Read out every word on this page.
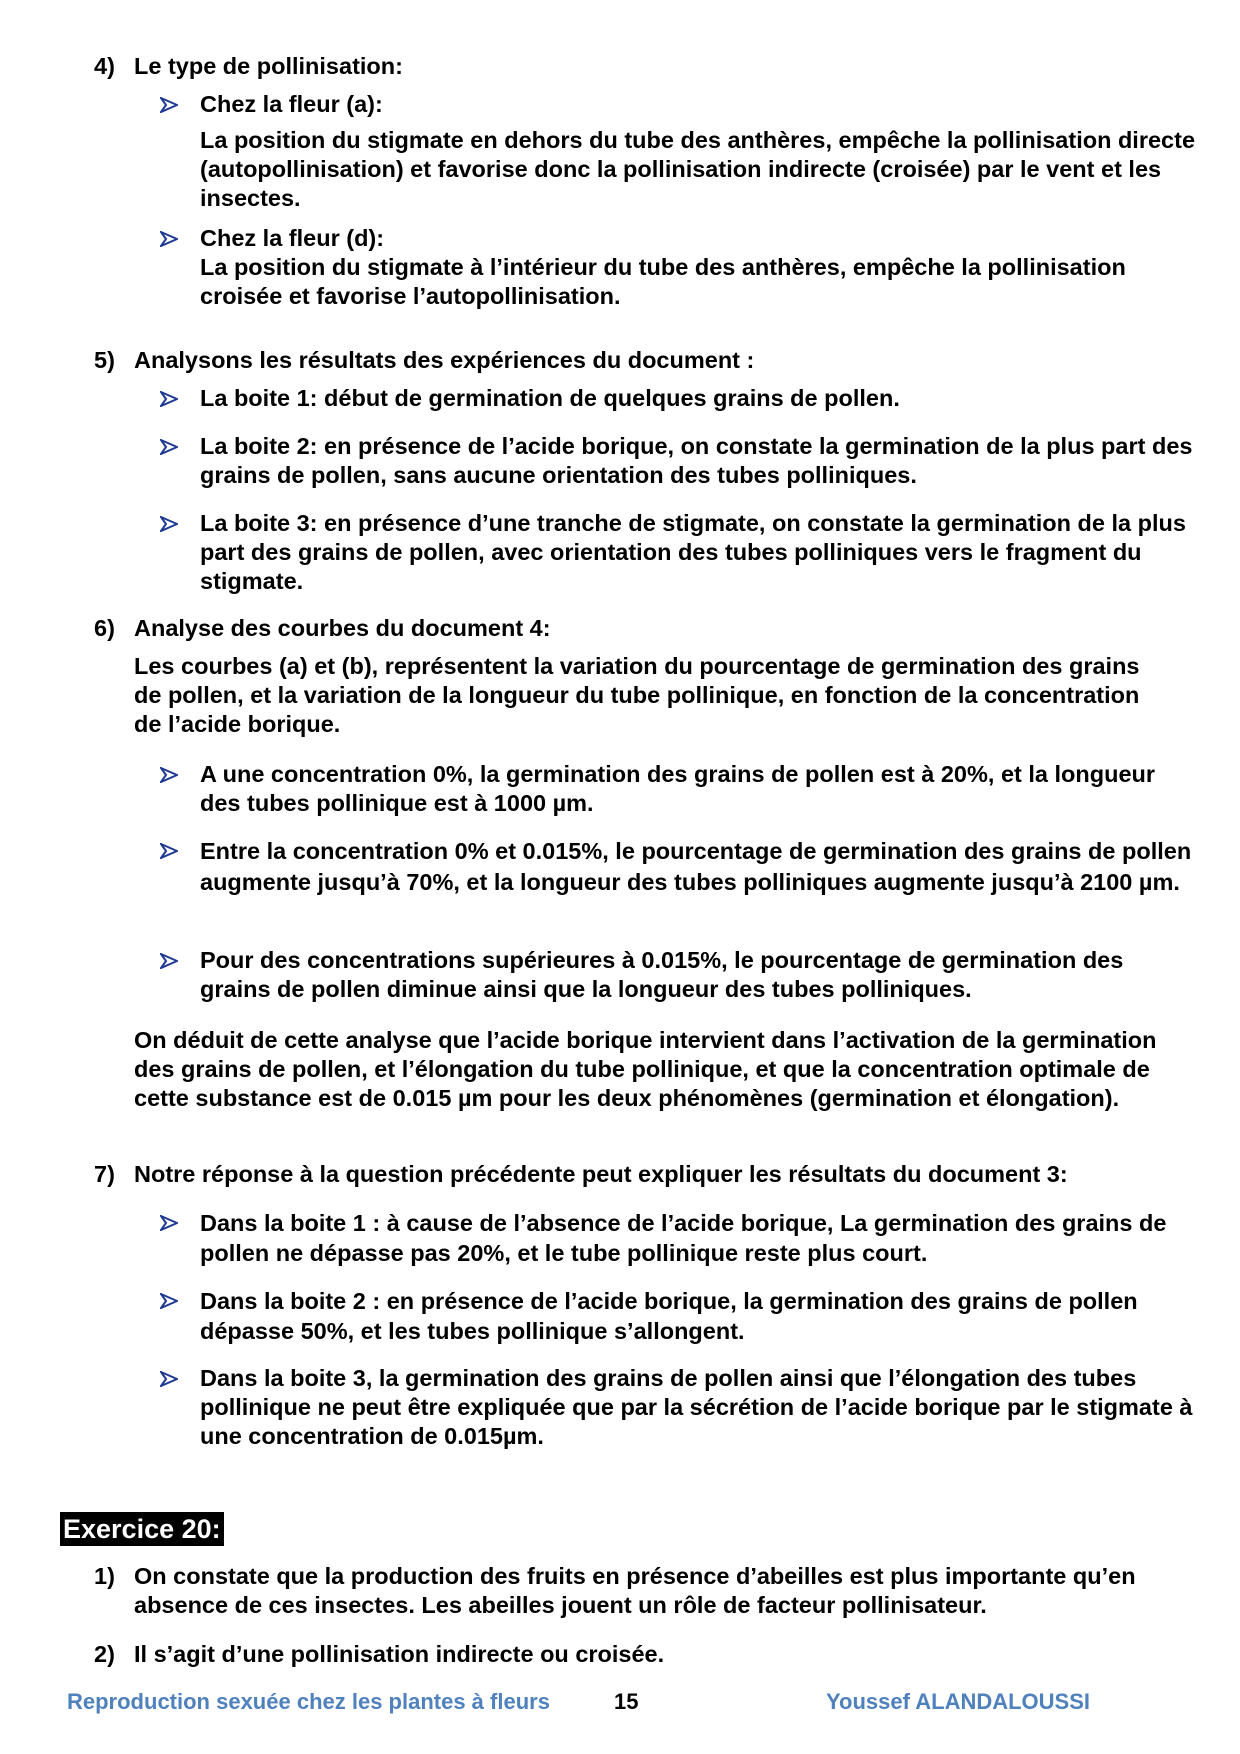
4) Le type de pollinisation:
Chez la fleur (a):
La position du stigmate en dehors du tube des anthères, empêche la pollinisation directe (autopollinisation) et favorise donc la pollinisation indirecte (croisée) par le vent et les insectes.
Chez la fleur (d):
La position du stigmate à l’intérieur du tube des anthères, empêche la pollinisation croisée et favorise l’autopollinisation.
5) Analysons les résultats des expériences du document :
La boite 1: début de germination de quelques grains de pollen.
La boite 2: en présence de l’acide borique, on constate la germination de la plus part des grains de pollen, sans aucune orientation des tubes polliniques.
La boite 3: en présence d’une tranche de stigmate, on constate la germination de la plus part des grains de pollen, avec orientation des tubes polliniques vers le fragment du stigmate.
6) Analyse des courbes du document 4:
Les courbes (a) et (b), représentent la variation du pourcentage de germination des grains de pollen, et la variation de la longueur du tube pollinique, en fonction de la concentration de l’acide borique.
A une concentration 0%, la germination des grains de pollen est à 20%, et la longueur des tubes pollinique est à 1000 µm.
Entre la concentration 0% et 0.015%, le pourcentage de germination des grains de pollen augmente jusqu’à 70%, et la longueur des tubes polliniques augmente jusqu’à 2100 µm.
Pour des concentrations supérieures à 0.015%, le pourcentage de germination des grains de pollen diminue ainsi que la longueur des tubes polliniques.
On déduit de cette analyse que l’acide borique intervient dans l’activation de la germination des grains de pollen, et l’élongation du tube pollinique, et que la concentration optimale de cette substance est de 0.015 µm pour les deux phénomènes (germination et élongation).
7) Notre réponse à la question précédente peut expliquer les résultats du document 3:
Dans la boite 1 : à cause de l’absence de l’acide borique, La germination des grains de pollen ne dépasse pas 20%, et le tube pollinique reste plus court.
Dans la boite 2 : en présence de l’acide borique, la germination des grains de pollen dépasse 50%, et les tubes pollinique s’allongent.
Dans la boite 3, la germination des grains de pollen ainsi que l’élongation des tubes pollinique ne peut être expliquée que par la sécrétion de l’acide borique par le stigmate à une concentration de 0.015µm.
Exercice 20:
1) On constate que la production des fruits en présence d’abeilles est plus importante qu’en absence de ces insectes. Les abeilles jouent un rôle de facteur pollinisateur.
2) Il s’agit d’une pollinisation indirecte ou croisée.
Reproduction sexuée chez les plantes à fleurs	15	Youssef ALANDALOUSSI
